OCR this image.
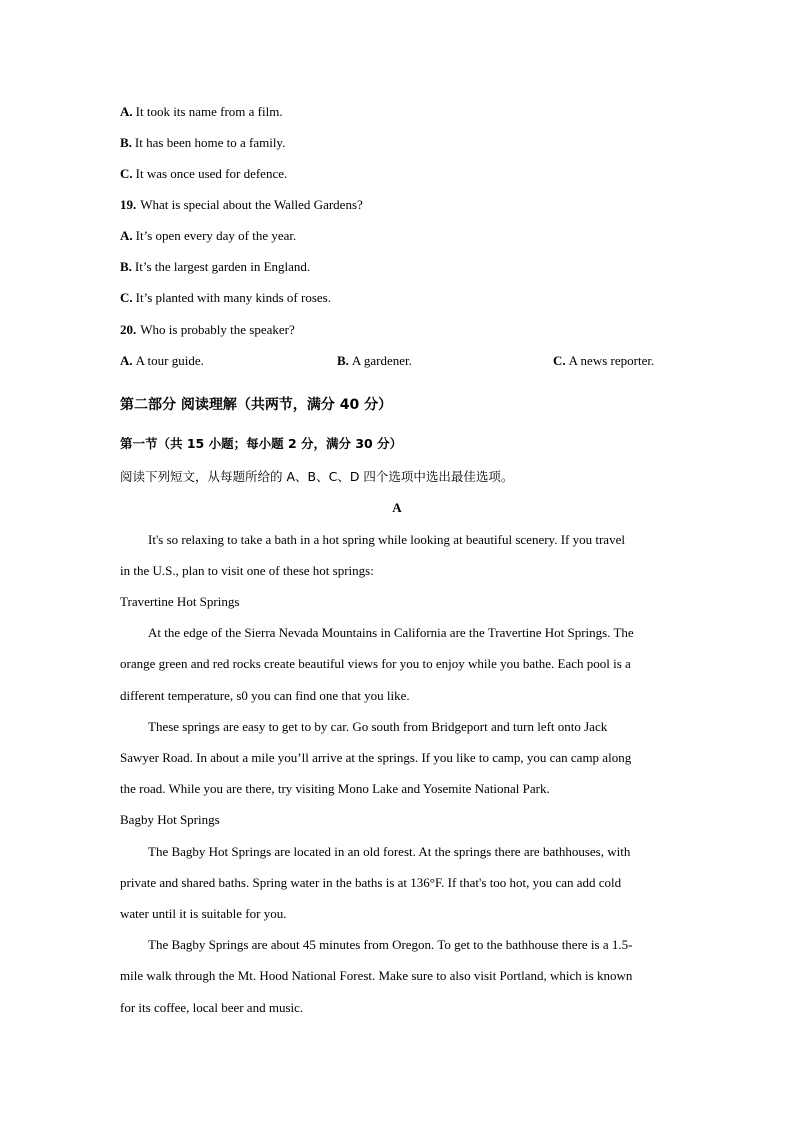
A. It took its name from a film.
B. It has been home to a family.
C. It was once used for defence.
19. What is special about the Walled Gardens?
A. It’s open every day of the year.
B. It’s the largest garden in England.
C. It’s planted with many kinds of roses.
20. Who is probably the speaker?
A. A tour guide.	B. A gardener.	C. A news reporter.
第二部分 阅读理解（共两节，满分 40 分）
第一节（共 15 小题；每小题 2 分，满分 30 分）
阅读下列短文，从每题所给的 A、B、C、D 四个选项中选出最佳选项。
A
It's so relaxing to take a bath in a hot spring while looking at beautiful scenery. If you travel
in the U.S., plan to visit one of these hot springs:
Travertine Hot Springs
At the edge of the Sierra Nevada Mountains in California are the Travertine Hot Springs. The
orange green and red rocks create beautiful views for you to enjoy while you bathe. Each pool is a
different temperature, s0 you can find one that you like.
These springs are easy to get to by car. Go south from Bridgeport and turn left onto Jack
Sawyer Road. In about a mile you’ll arrive at the springs. If you like to camp, you can camp along
the road. While you are there, try visiting Mono Lake and Yosemite National Park.
Bagby Hot Springs
The Bagby Hot Springs are located in an old forest. At the springs there are bathhouses, with
private and shared baths. Spring water in the baths is at 136°F. If that's too hot, you can add cold
water until it is suitable for you.
The Bagby Springs are about 45 minutes from Oregon. To get to the bathhouse there is a 1.5-
mile walk through the Mt. Hood National Forest. Make sure to also visit Portland, which is known
for its coffee, local beer and music.
